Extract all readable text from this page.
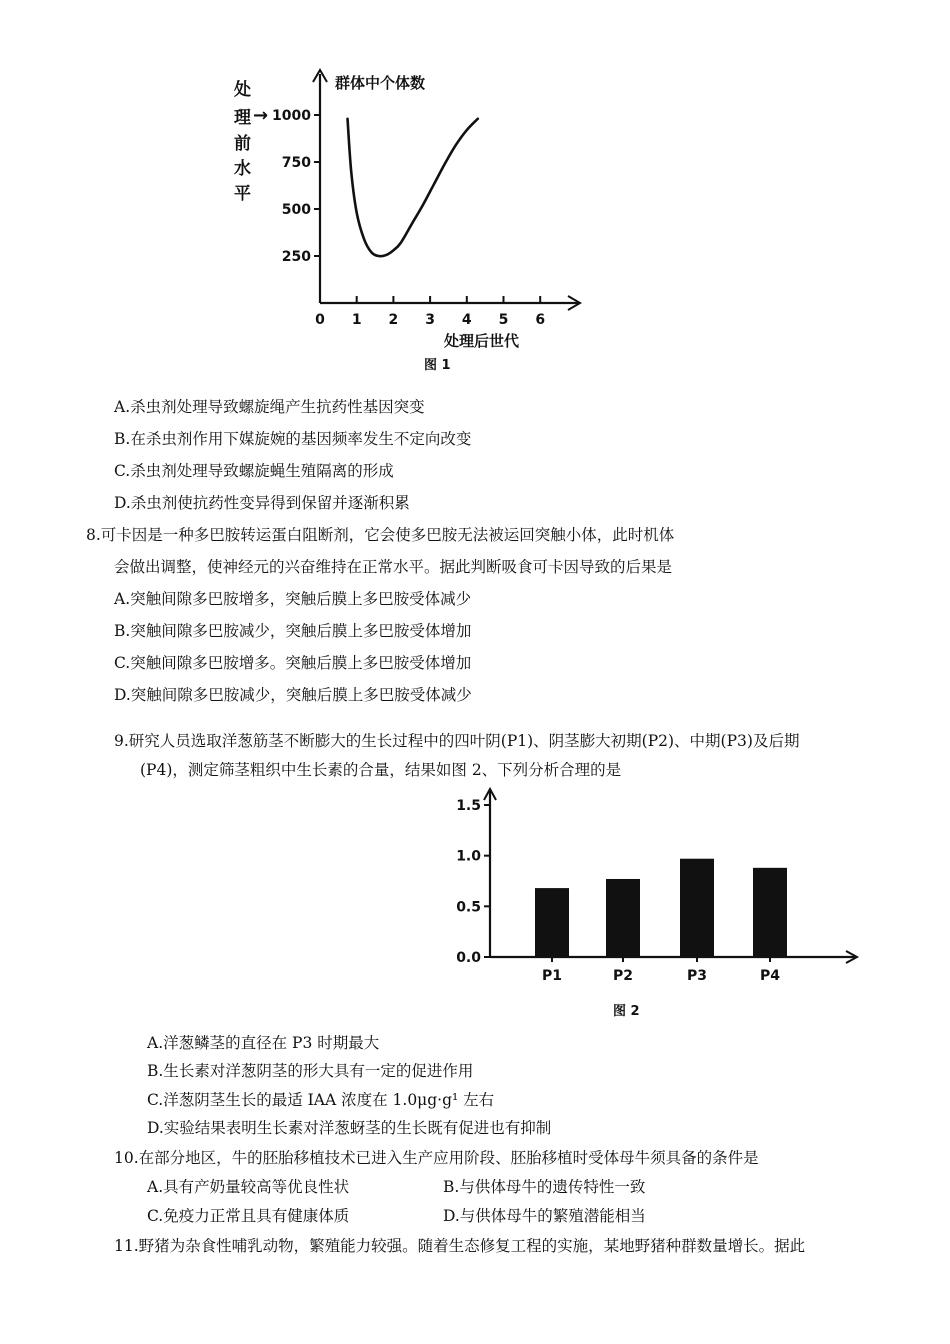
处
理 →
前
水
平
群体中个体数
250
500
750
1000
0 1 2 3 4 5 6
处理后世代
图 1
A.杀虫剂处理导致螺旋绳产生抗药性基因突变
B.在杀虫剂作用下媒旋婉的基因频率发生不定向改变
C.杀虫剂处理导致螺旋蝇生殖隔离的形成
D.杀虫剂使抗药性变异得到保留并逐渐积累
8.可卡因是一种多巴胺转运蛋白阻断剂，它会使多巴胺无法被运回突触小体，此时机体
会做出调整，使神经元的兴奋维持在正常水平。据此判断吸食可卡因导致的后果是
A.突触间隙多巴胺增多，突触后膜上多巴胺受体减少
B.突触间隙多巴胺减少，突触后膜上多巴胺受体增加
C.突触间隙多巴胺增多。突触后膜上多巴胺受体增加
D.突触间隙多巴胺减少，突触后膜上多巴胺受体减少
9.研究人员选取洋葱筋茎不断膨大的生长过程中的四叶阴(P1)、阴茎膨大初期(P2)、中期(P3)及后期
(P4)，测定筛茎粗织中生长素的合量，结果如图 2、下列分析合理的是
0.0
0.5
1.0
1.5
P1	P2	P3	P4
图 2
A.洋葱鳞茎的直径在 P3 时期最大
B.生长素对洋葱阴茎的形大具有一定的促进作用
C.洋葱阴茎生长的最适 IAA 浓度在 1.0μg·g¹ 左右
D.实验结果表明生长素对洋葱蚜茎的生长既有促进也有抑制
10.在部分地区，牛的胚胎移植技术已进入生产应用阶段、胚胎移植时受体母牛须具备的条件是
A.具有产奶量较高等优良性状	B.与供体母牛的遗传特性一致
C.免疫力正常且具有健康体质	D.与供体母牛的繁殖潜能相当
11.野猪为杂食性哺乳动物，繁殖能力较强。随着生态修复工程的实施，某地野猪种群数量增长。据此
